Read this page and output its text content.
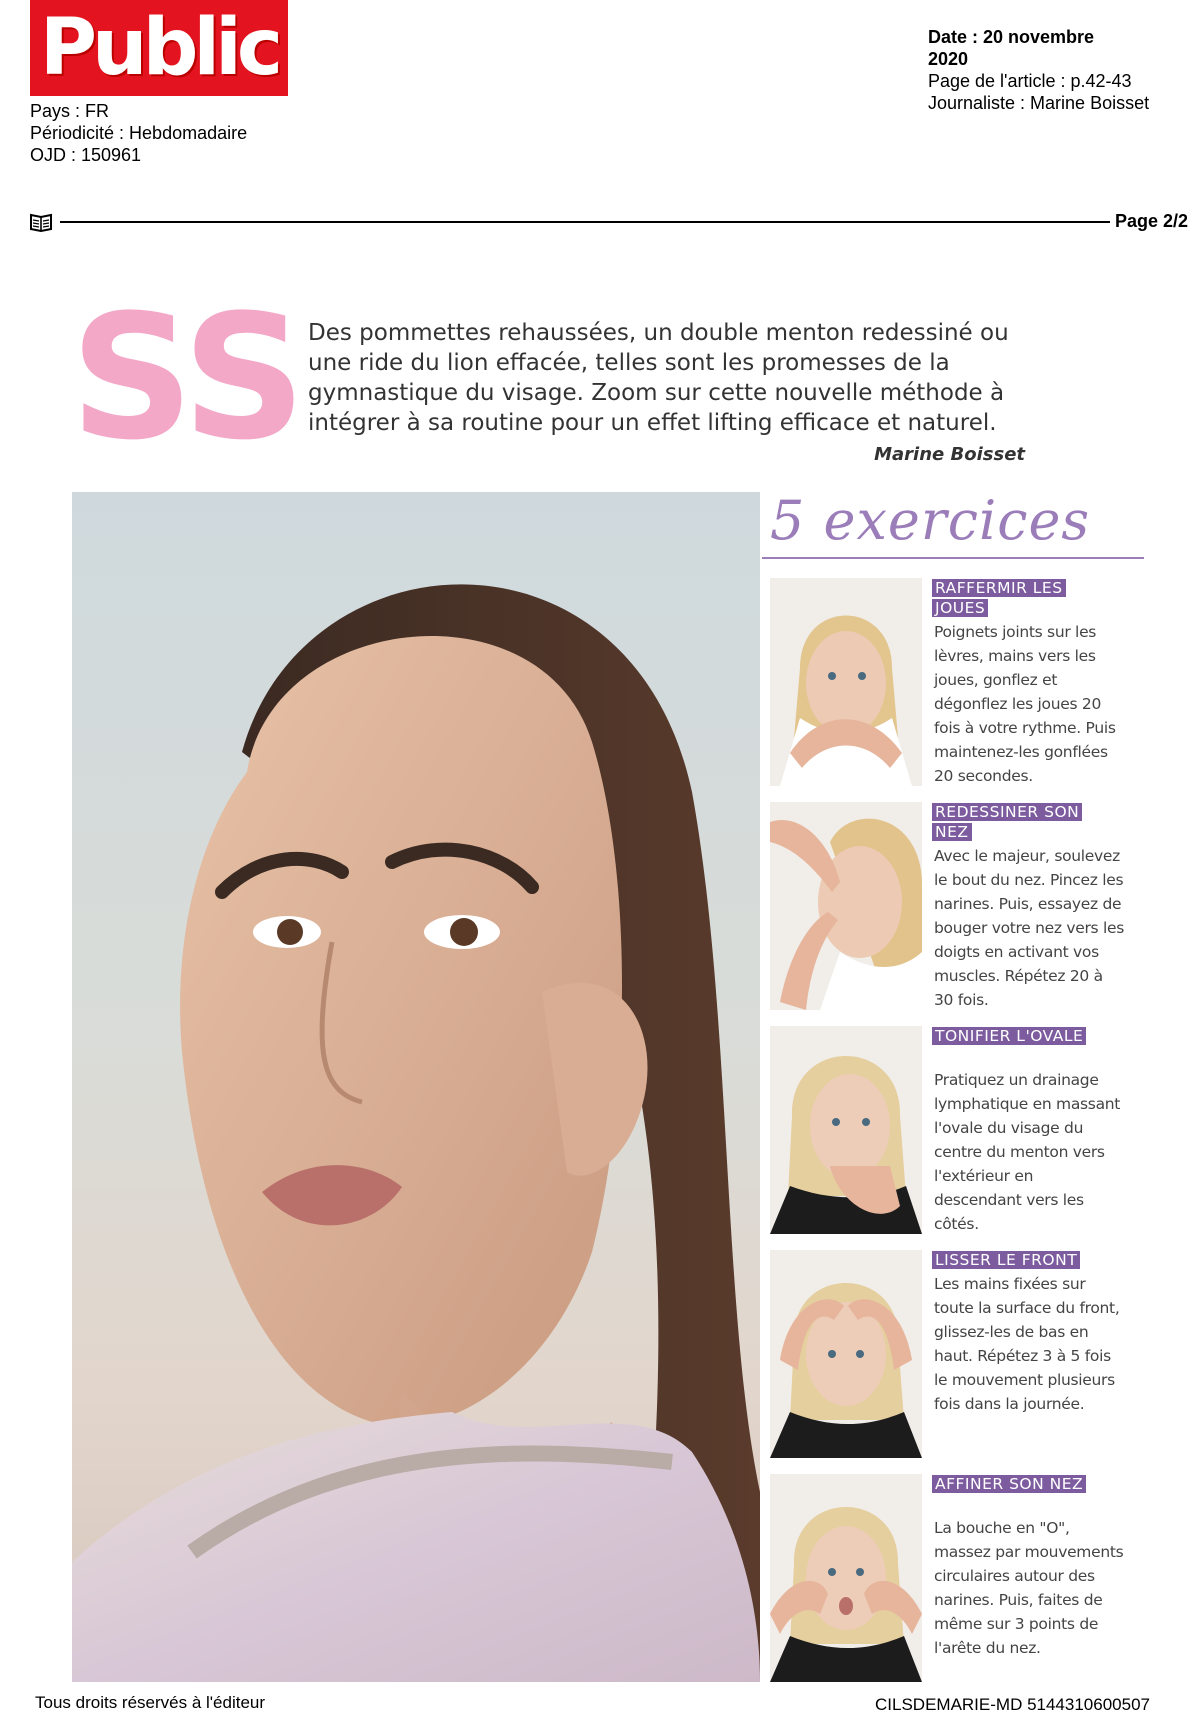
Public
Pays : FR
Périodicité : Hebdomadaire
OJD : 150961
Date : 20 novembre
2020
Page de l'article : p.42-43
Journaliste : Marine Boisset
Page 2/2
SS Des pommettes rehaussées, un double menton redessiné ou une ride du lion effacée, telles sont les promesses de la gymnastique du visage. Zoom sur cette nouvelle méthode à intégrer à sa routine pour un effet lifting efficace et naturel.
Marine Boisset
5 exercices
RAFFERMIR LES JOUES
Poignets joints sur les lèvres, mains vers les joues, gonflez et dégonflez les joues 20 fois à votre rythme. Puis maintenez-les gonflées 20 secondes.
REDESSINER SON NEZ
Avec le majeur, soulevez le bout du nez. Pincez les narines. Puis, essayez de bouger votre nez vers les doigts en activant vos muscles. Répétez 20 à 30 fois.
TONIFIER L'OVALE
Pratiquez un drainage lymphatique en massant l'ovale du visage du centre du menton vers l'extérieur en descendant vers les côtés.
LISSER LE FRONT
Les mains fixées sur toute la surface du front, glissez-les de bas en haut. Répétez 3 à 5 fois le mouvement plusieurs fois dans la journée.
AFFINER SON NEZ
La bouche en "O", massez par mouvements circulaires autour des narines. Puis, faites de même sur 3 points de l'arête du nez.
Tous droits réservés à l'éditeur	CILSDEMARIE-MD 5144310600507
